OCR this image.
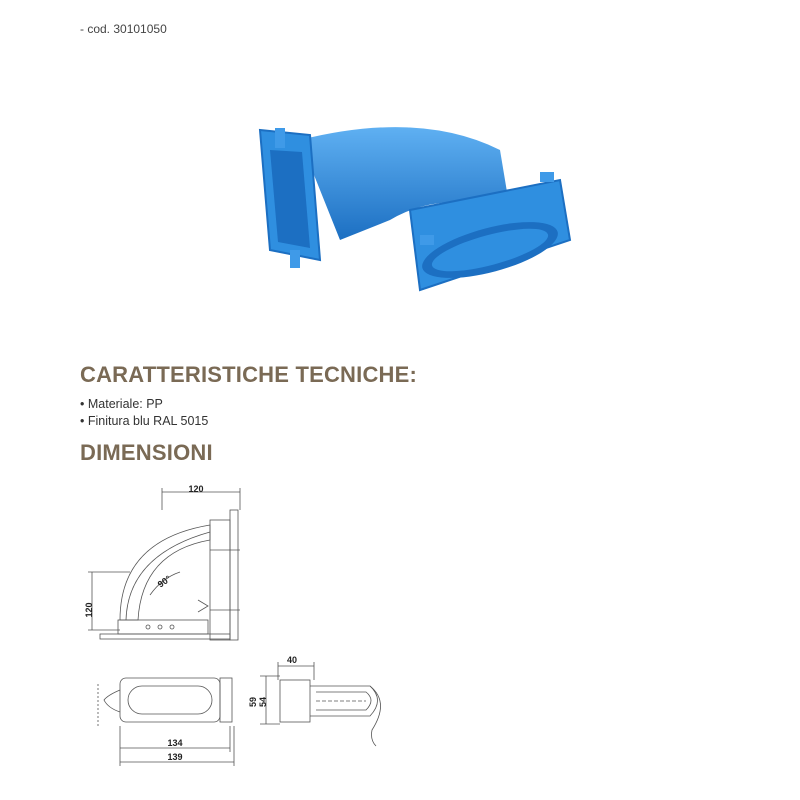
- cod. 30101050
CARATTERISTICHE TECNICHE:
• Materiale: PP
• Finitura blu RAL 5015
DIMENSIONI
120
120
90°
40
59 54
134
139
